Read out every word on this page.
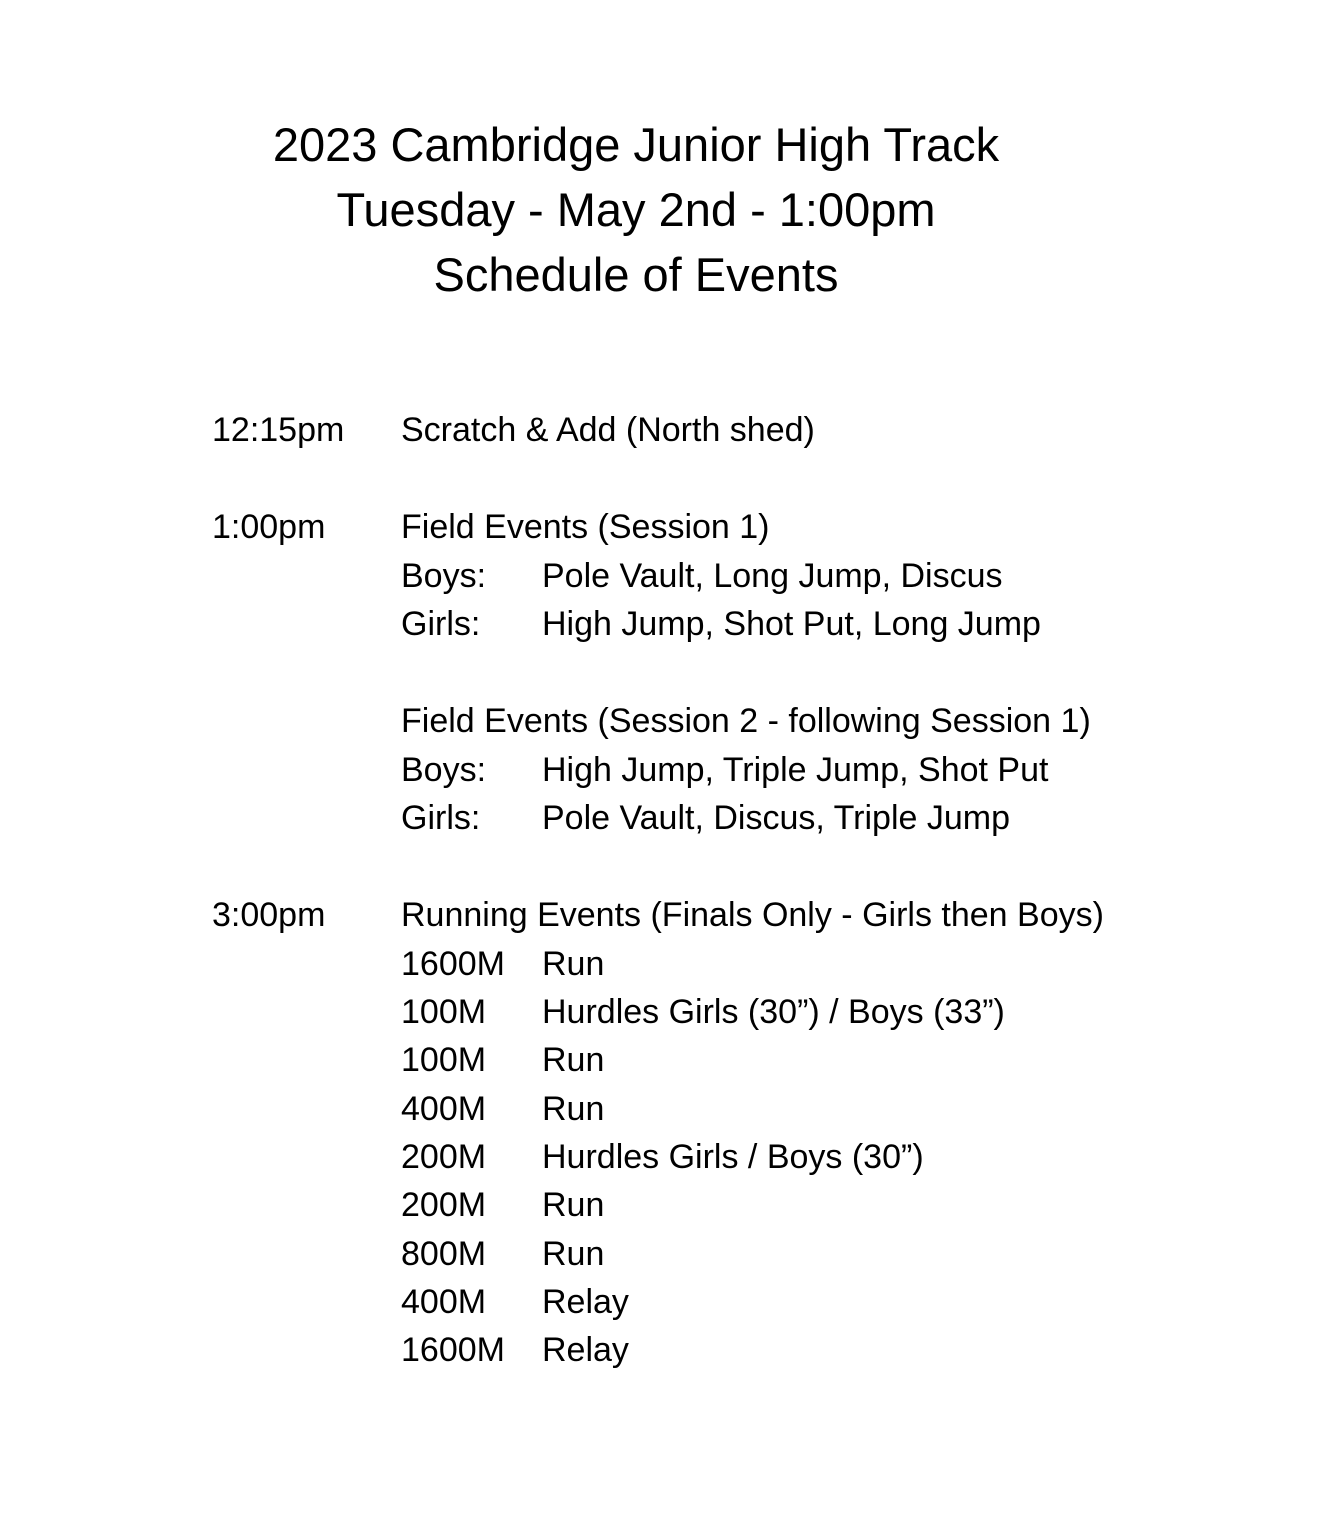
2023 Cambridge Junior High Track
Tuesday - May 2nd - 1:00pm
Schedule of Events
12:15pm Scratch & Add (North shed)
1:00pm Field Events (Session 1)
Boys: Pole Vault, Long Jump, Discus
Girls: High Jump, Shot Put, Long Jump
Field Events (Session 2 - following Session 1)
Boys: High Jump, Triple Jump, Shot Put
Girls: Pole Vault, Discus, Triple Jump
3:00pm Running Events (Finals Only - Girls then Boys)
1600M Run
100M Hurdles Girls (30”) / Boys (33”)
100M Run
400M Run
200M Hurdles Girls / Boys (30”)
200M Run
800M Run
400M Relay
1600M Relay
